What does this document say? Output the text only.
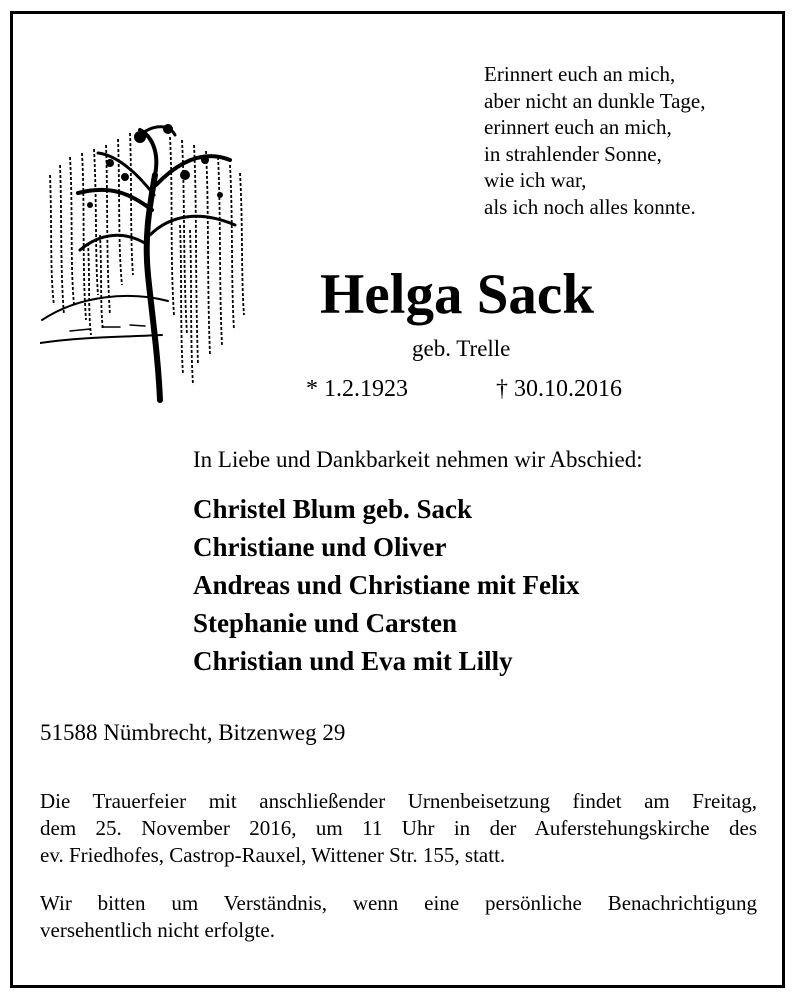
Erinnert euch an mich,
aber nicht an dunkle Tage,
erinnert euch an mich,
in strahlender Sonne,
wie ich war,
als ich noch alles konnte.
Helga Sack
geb. Trelle
* 1.2.1923	† 30.10.2016
In Liebe und Dankbarkeit nehmen wir Abschied:
Christel Blum geb. Sack
Christiane und Oliver
Andreas und Christiane mit Felix
Stephanie und Carsten
Christian und Eva mit Lilly
51588 Nümbrecht, Bitzenweg 29
Die Trauerfeier mit anschließender Urnenbeisetzung findet am Freitag,
dem 25. November 2016, um 11 Uhr in der Auferstehungskirche des
ev. Friedhofes, Castrop-Rauxel, Wittener Str. 155, statt.
Wir bitten um Verständnis, wenn eine persönliche Benachrichtigung
versehentlich nicht erfolgte.
